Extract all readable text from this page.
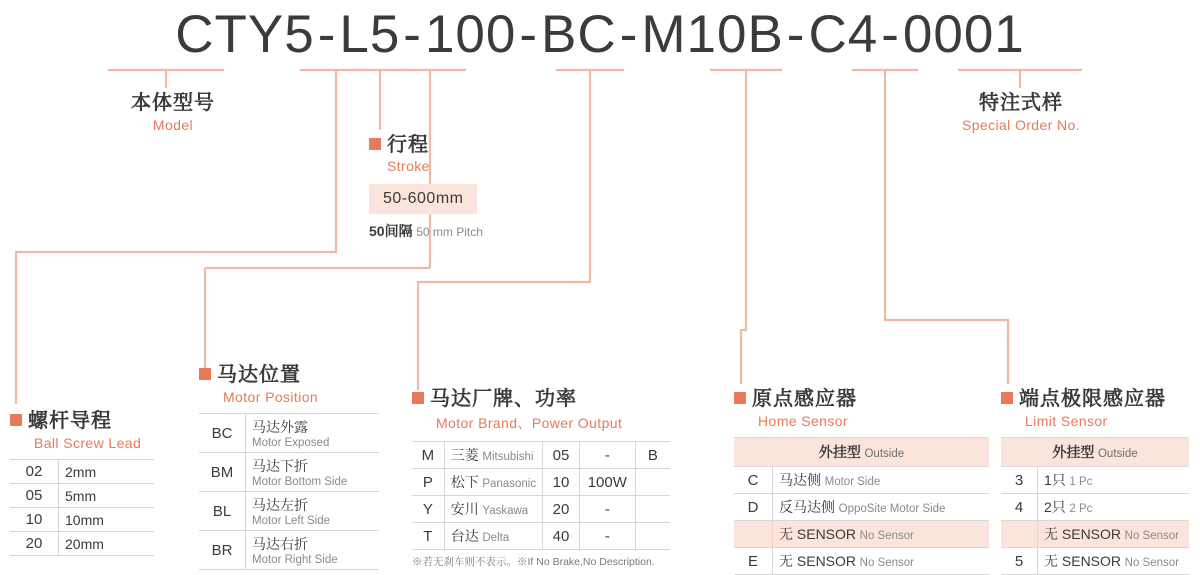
CTY5-L5-100-BC-M10B-C4-0001
本体型号
Model
特注式样
Special Order No.
行程
Stroke
50-600mm
50间隔 50 mm Pitch
螺杆导程
Ball Screw Lead
02	2mm
05	5mm
10	10mm
20	20mm
马达位置
Motor Position
BC	马达外露
Motor Exposed

BM	马达下折
Motor Bottom Side

BL	马达左折
Motor Left Side

BR	马达右折
Motor Right Side
马达厂牌、功率
Motor Brand、Power Output
M	三菱 Mitsubishi	05	-	B
P	松下 Panasonic	10	100W	
Y	安川 Yaskawa	20	-	
T	台达 Delta	40	-	
※若无刹车则不表示。※If No Brake,No Description.
原点感应器
Home Sensor
外挂型 Outside	
C	马达侧 Motor Side
D	反马达侧 OppoSite Motor Side
	无 SENSOR No Sensor
E	无 SENSOR No Sensor
端点极限感应器
Limit Sensor
外挂型 Outside	
3	1只 1 Pc
4	2只 2 Pc
	无 SENSOR No Sensor
5	无 SENSOR No Sensor
